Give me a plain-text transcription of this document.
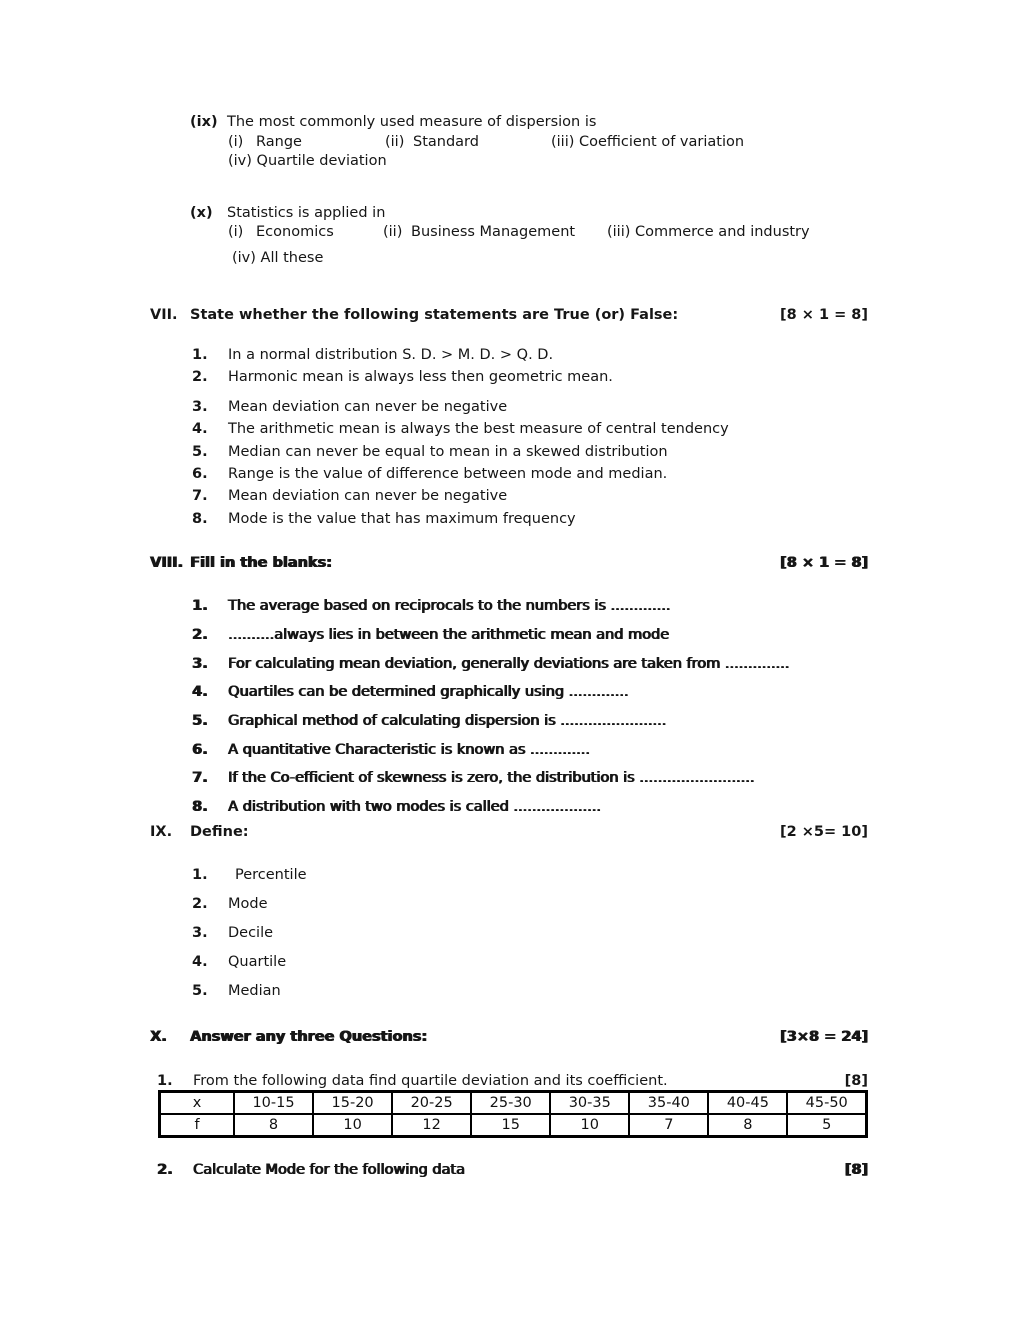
(ix) The most commonly used measure of dispersion is
(i) Range	(ii) Standard	(iii) Coefficient of variation
(iv) Quartile deviation
(x) Statistics is applied in
(i) Economics	(ii) Business Management (iii) Commerce and industry
(iv) All these
VII. State whether the following statements are True (or) False:	[8 × 1 = 8]
1.	In a normal distribution S. D. > M. D. > Q. D.
2.	Harmonic mean is always less then geometric mean.
3.	Mean deviation can never be negative
4.	The arithmetic mean is always the best measure of central tendency
5.	Median can never be equal to mean in a skewed distribution
6.	Range is the value of difference between mode and median.
7.	Mean deviation can never be negative
8.	Mode is the value that has maximum frequency
VIII. Fill in the blanks:	[8 × 1 = 8]
1.	The average based on reciprocals to the numbers is .............
2.	..........always lies in between the arithmetic mean and mode
3.	For calculating mean deviation, generally deviations are taken from ..............
4.	Quartiles can be determined graphically using .............
5.	Graphical method of calculating dispersion is .......................
6.	A quantitative Characteristic is known as .............
7.	If the Co-efficient of skewness is zero, the distribution is .........................
8.	A distribution with two modes is called ...................
IX.	Define:	[2 ×5= 10]
1.	Percentile
2.	Mode
3.	Decile
4.	Quartile
5.	Median
X.	Answer any three Questions:	[3×8 = 24]
1.	From the following data find quartile deviation and its coefficient.	[8]
x	10-15	15-20	20-25	25-30	30-35	35-40	40-45	45-50
f	8	10	12	15	10	7	8	5
2.	Calculate Mode for the following data	[8]
